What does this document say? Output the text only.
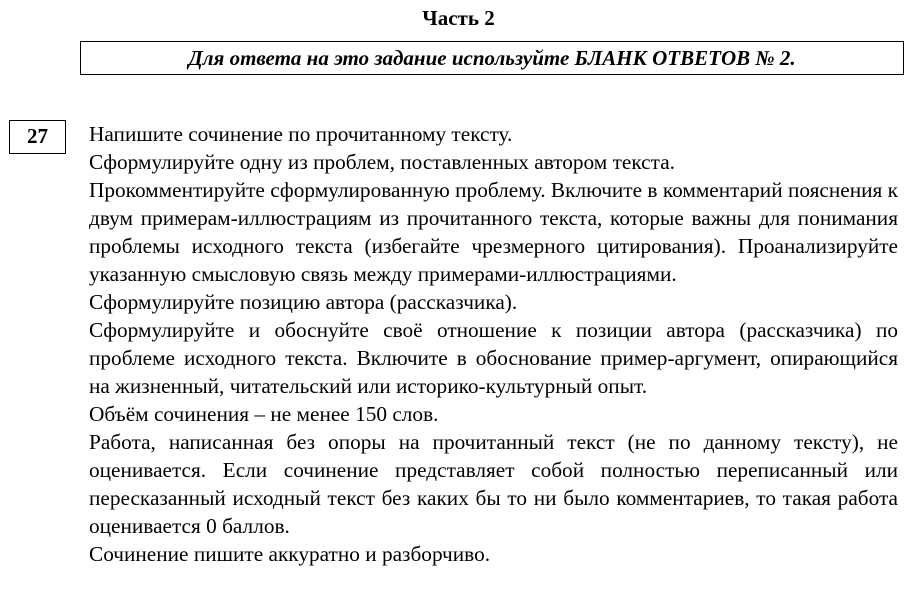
Часть 2
Для ответа на это задание используйте БЛАНК ОТВЕТОВ № 2.
27	Напишите сочинение по прочитанному тексту.

Сформулируйте одну из проблем, поставленных автором текста.

Прокомментируйте сформулированную проблему. Включите в комментарий пояснения к двум примерам-иллюстрациям из прочитанного текста, которые важны для понимания проблемы исходного текста (избегайте чрезмерного цитирования). Проанализируйте указанную смысловую связь между примерами-иллюстрациями.

Сформулируйте позицию автора (рассказчика).

Сформулируйте и обоснуйте своё отношение к позиции автора (рассказчика) по проблеме исходного текста. Включите в обоснование пример-аргумент, опирающийся на жизненный, читательский или историко-культурный опыт.

Объём сочинения – не менее 150 слов.

Работа, написанная без опоры на прочитанный текст (не по данному тексту), не оценивается. Если сочинение представляет собой полностью переписанный или пересказанный исходный текст без каких бы то ни было комментариев, то такая работа оценивается 0 баллов.

Сочинение пишите аккуратно и разборчиво.
